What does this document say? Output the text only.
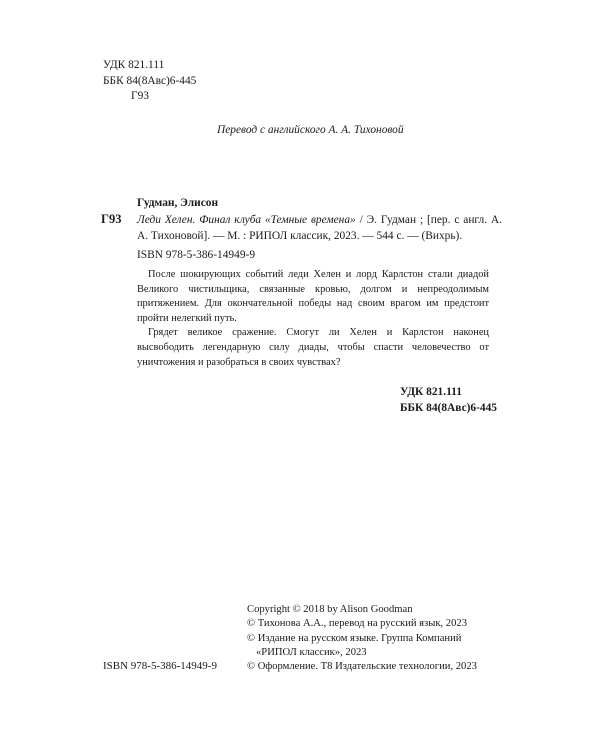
УДК 821.111
ББК 84(8Авс)6-445
Г93
Перевод с английского А. А. Тихоновой
Гудман, Элисон
Г93 Леди Хелен. Финал клуба «Темные времена» / Э. Гудман ; [пер. с англ. А. А. Тихоновой]. — М. : РИПОЛ классик, 2023. — 544 с. — (Вихрь).
ISBN 978-5-386-14949-9

После шокирующих событий леди Хелен и лорд Карлстон стали диадой Великого чистильщика, связанные кровью, долгом и непреодолимым притяжением. Для окончательной победы над своим врагом им предстоит пройти нелегкий путь.

Грядет великое сражение. Смогут ли Хелен и Карлстон наконец высвободить легендарную силу диады, чтобы спасти человечество от уничтожения и разобраться в своих чувствах?

УДК 821.111
ББК 84(8Авс)6-445
Copyright © 2018 by Alison Goodman
© Тихонова А.А., перевод на русский язык, 2023
© Издание на русском языке. Группа Компаний
«РИПОЛ классик», 2023
© Оформление. Т8 Издательские технологии, 2023
ISBN 978-5-386-14949-9
